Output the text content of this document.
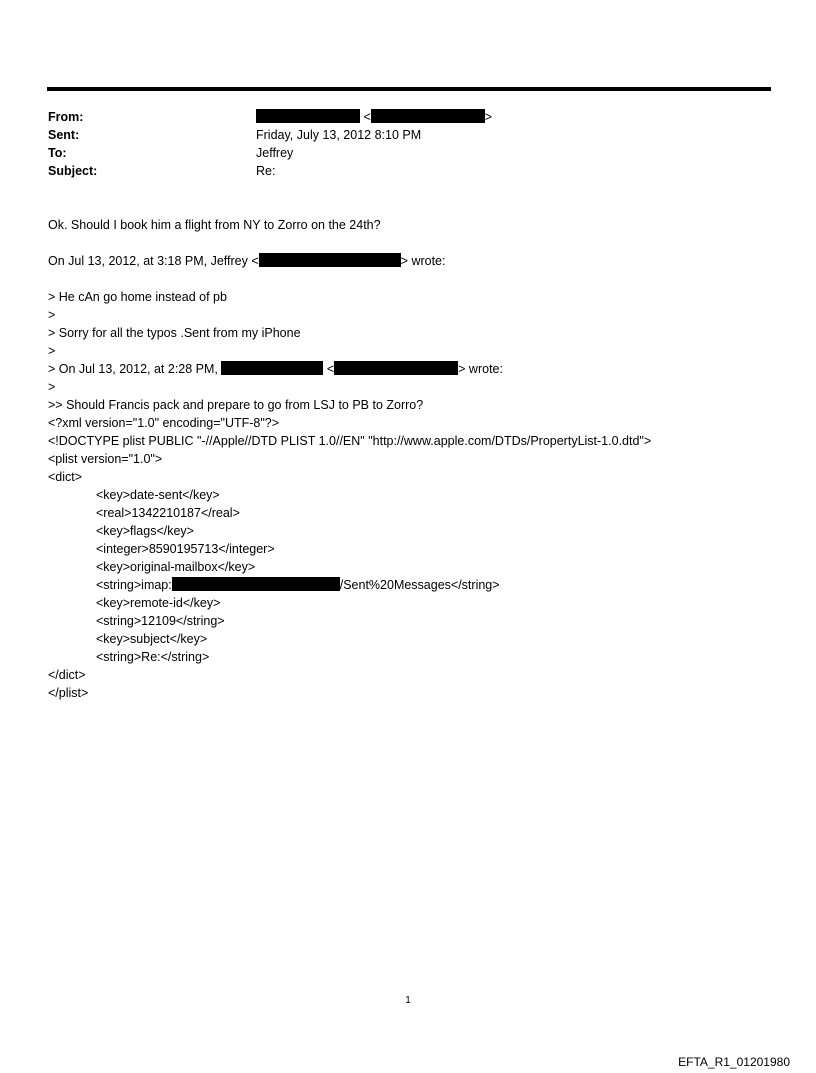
From:	<	>
Sent:	Friday, July 13, 2012 8:10 PM
To:	Jeffrey
Subject:	Re:
Ok. Should I book him a flight from NY to Zorro on the 24th?
On Jul 13, 2012, at 3:18 PM, Jeffrey <	> wrote:
> He cAn go home instead of pb
>
> Sorry for all the typos .Sent from my iPhone
>
> On Jul 13, 2012, at 2:28 PM,	<	> wrote:
>
>> Should Francis pack and prepare to go from LSJ to PB to Zorro?
<?xml version="1.0" encoding="UTF-8"?>
<!DOCTYPE plist PUBLIC "-//Apple//DTD PLIST 1.0//EN" "http://www.apple.com/DTDs/PropertyList-1.0.dtd">
<plist version="1.0">
<dict>
<key>date-sent</key>
<real>1342210187</real>
<key>flags</key>
<integer>8590195713</integer>
<key>original-mailbox</key>
<string>imap:	/Sent%20Messages</string>
<key>remote-id</key>
<string>12109</string>
<key>subject</key>
<string>Re:</string>
</dict>
</plist>
1
EFTA_R1_01201980
